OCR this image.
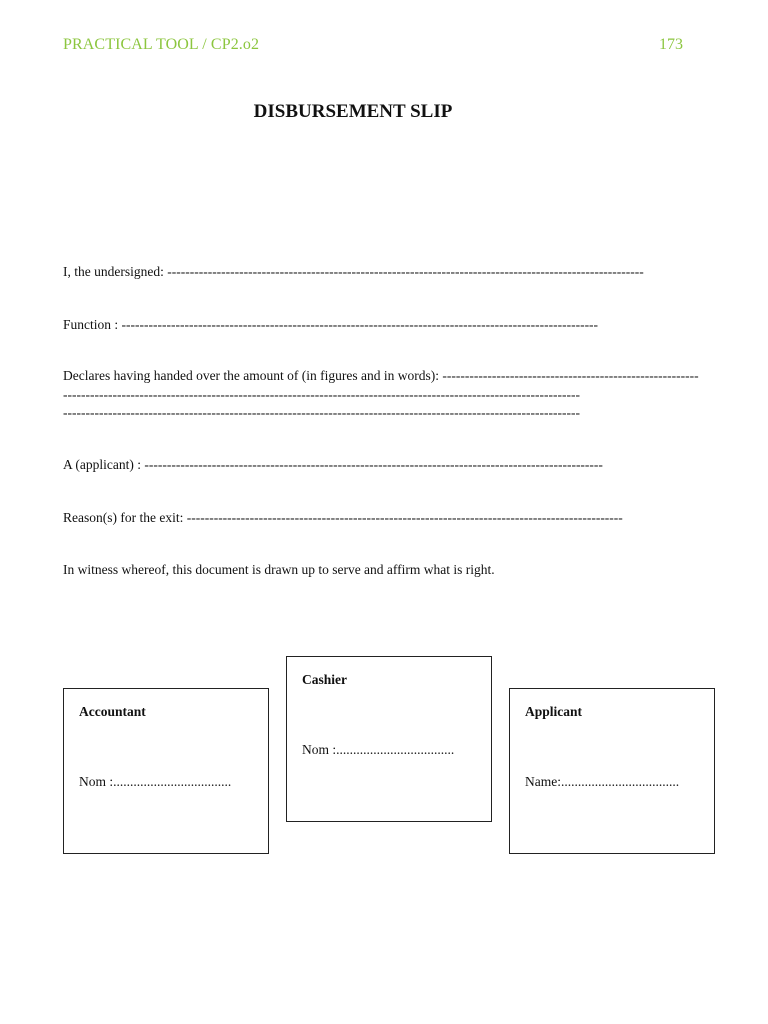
PRACTICAL TOOL / CP2.o2	173
DISBURSEMENT SLIP
I, the undersigned: ----------------------------------------------------------------------------------------------------------
Function : ----------------------------------------------------------------------------------------------------------
Declares having handed over the amount of (in figures and in words): ---------------------------------------------------------
-------------------------------------------------------------------------------------------------------------------
-------------------------------------------------------------------------------------------------------------------
A (applicant) : ------------------------------------------------------------------------------------------------------
Reason(s) for the exit: -------------------------------------------------------------------------------------------------
In witness whereof, this document is drawn up to serve and affirm what is right.
Accountant
Nom :...................................
Cashier
Nom :...................................
Applicant
Name:...................................
